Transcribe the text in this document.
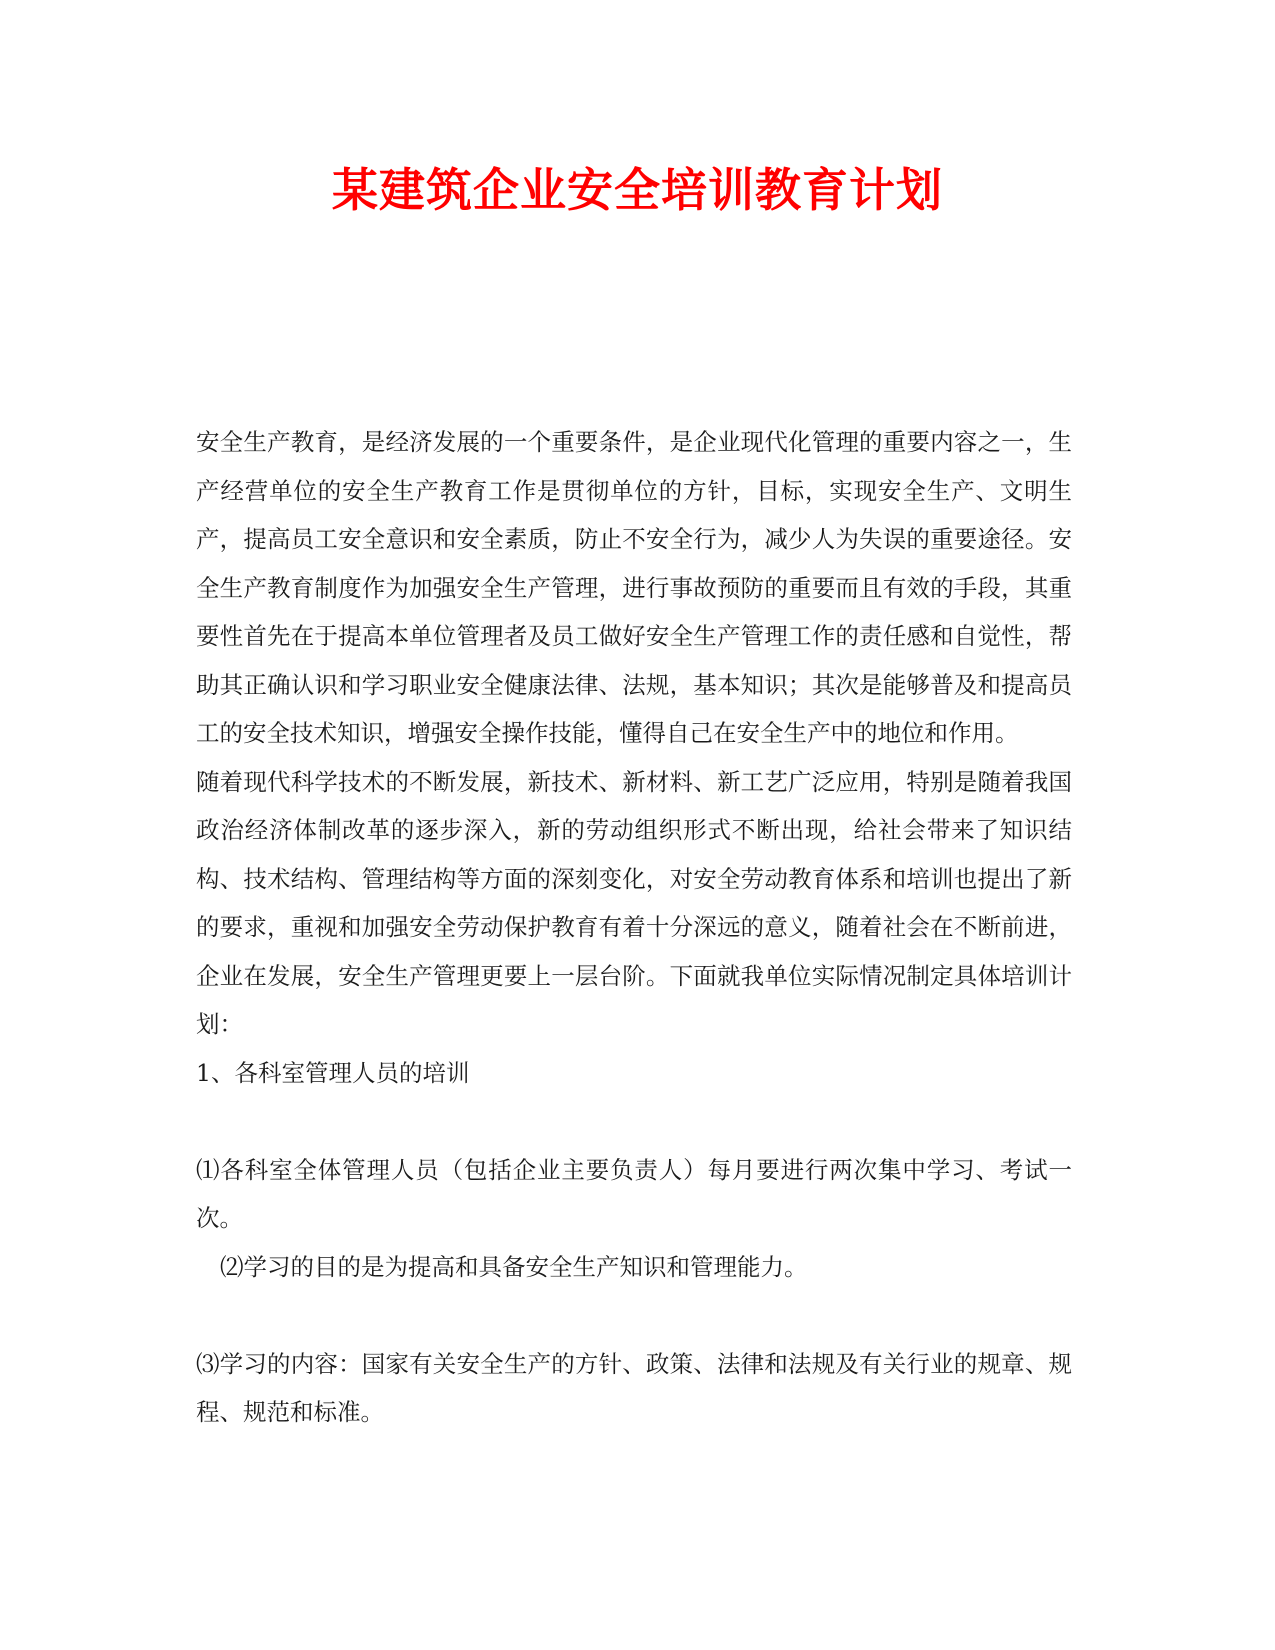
某建筑企业安全培训教育计划

安全生产教育，是经济发展的一个重要条件，是企业现代化管理的重要内容之一，生产经营单位的安全生产教育工作是贯彻单位的方针，目标，实现安全生产、文明生产，提高员工安全意识和安全素质，防止不安全行为，减少人为失误的重要途径。安全生产教育制度作为加强安全生产管理，进行事故预防的重要而且有效的手段，其重要性首先在于提高本单位管理者及员工做好安全生产管理工作的责任感和自觉性，帮助其正确认识和学习职业安全健康法律、法规，基本知识；其次是能够普及和提高员工的安全技术知识，增强安全操作技能，懂得自己在安全生产中的地位和作用。

随着现代科学技术的不断发展，新技术、新材料、新工艺广泛应用，特别是随着我国政治经济体制改革的逐步深入，新的劳动组织形式不断出现，给社会带来了知识结构、技术结构、管理结构等方面的深刻变化，对安全劳动教育体系和培训也提出了新的要求，重视和加强安全劳动保护教育有着十分深远的意义，随着社会在不断前进，企业在发展，安全生产管理更要上一层台阶。下面就我单位实际情况制定具体培训计划：

1、各科室管理人员的培训

⑴各科室全体管理人员（包括企业主要负责人）每月要进行两次集中学习、考试一次。

⑵学习的目的是为提高和具备安全生产知识和管理能力。

⑶学习的内容：国家有关安全生产的方针、政策、法律和法规及有关行业的规章、规程、规范和标准。
